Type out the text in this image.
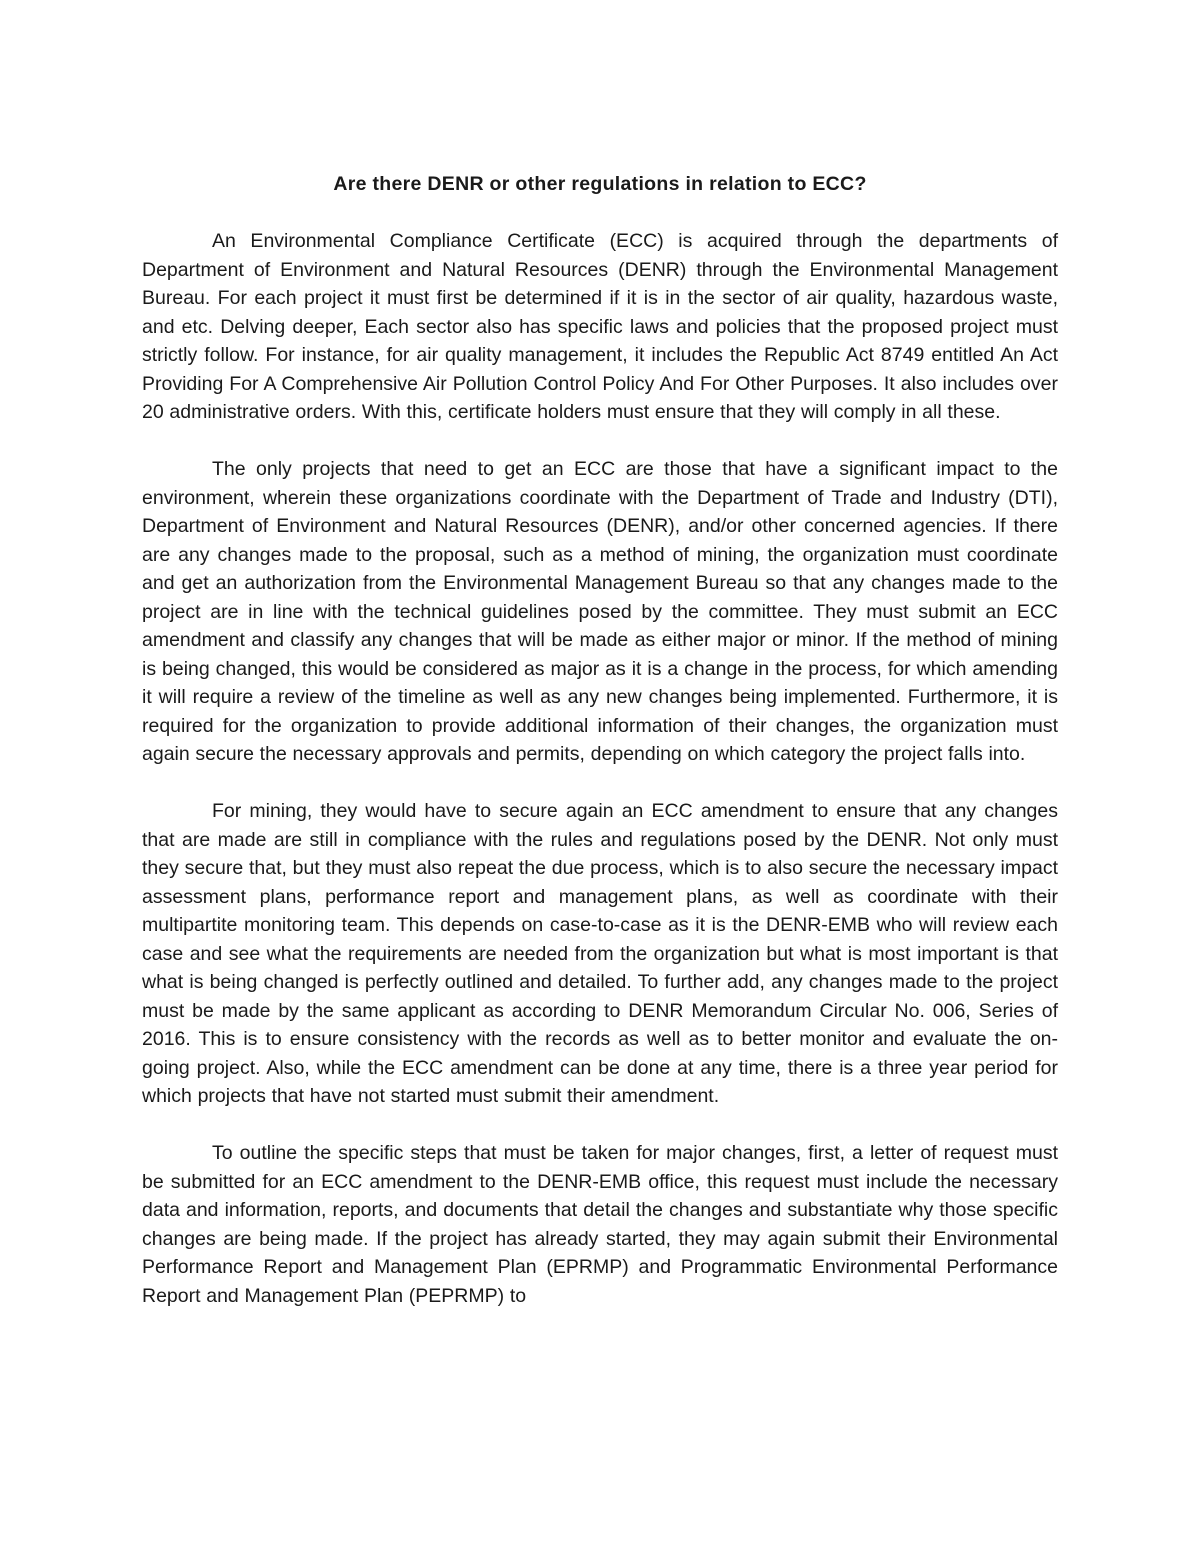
Are there DENR or other regulations in relation to ECC?

An Environmental Compliance Certificate (ECC) is acquired through the departments of Department of Environment and Natural Resources (DENR) through the Environmental Management Bureau. For each project it must first be determined if it is in the sector of air quality, hazardous waste, and etc. Delving deeper, Each sector also has specific laws and policies that the proposed project must strictly follow. For instance, for air quality management, it includes the Republic Act 8749 entitled An Act Providing For A Comprehensive Air Pollution Control Policy And For Other Purposes. It also includes over 20 administrative orders. With this, certificate holders must ensure that they will comply in all these.

The only projects that need to get an ECC are those that have a significant impact to the environment, wherein these organizations coordinate with the Department of Trade and Industry (DTI), Department of Environment and Natural Resources (DENR), and/or other concerned agencies. If there are any changes made to the proposal, such as a method of mining, the organization must coordinate and get an authorization from the Environmental Management Bureau so that any changes made to the project are in line with the technical guidelines posed by the committee. They must submit an ECC amendment and classify any changes that will be made as either major or minor. If the method of mining is being changed, this would be considered as major as it is a change in the process, for which amending it will require a review of the timeline as well as any new changes being implemented. Furthermore, it is required for the organization to provide additional information of their changes, the organization must again secure the necessary approvals and permits, depending on which category the project falls into.

For mining, they would have to secure again an ECC amendment to ensure that any changes that are made are still in compliance with the rules and regulations posed by the DENR. Not only must they secure that, but they must also repeat the due process, which is to also secure the necessary impact assessment plans, performance report and management plans, as well as coordinate with their multipartite monitoring team. This depends on case-to-case as it is the DENR-EMB who will review each case and see what the requirements are needed from the organization but what is most important is that what is being changed is perfectly outlined and detailed. To further add, any changes made to the project must be made by the same applicant as according to DENR Memorandum Circular No. 006, Series of 2016. This is to ensure consistency with the records as well as to better monitor and evaluate the on-going project. Also, while the ECC amendment can be done at any time, there is a three year period for which projects that have not started must submit their amendment.

To outline the specific steps that must be taken for major changes, first, a letter of request must be submitted for an ECC amendment to the DENR-EMB office, this request must include the necessary data and information, reports, and documents that detail the changes and substantiate why those specific changes are being made. If the project has already started, they may again submit their Environmental Performance Report and Management Plan (EPRMP) and Programmatic Environmental Performance Report and Management Plan (PEPRMP) to
